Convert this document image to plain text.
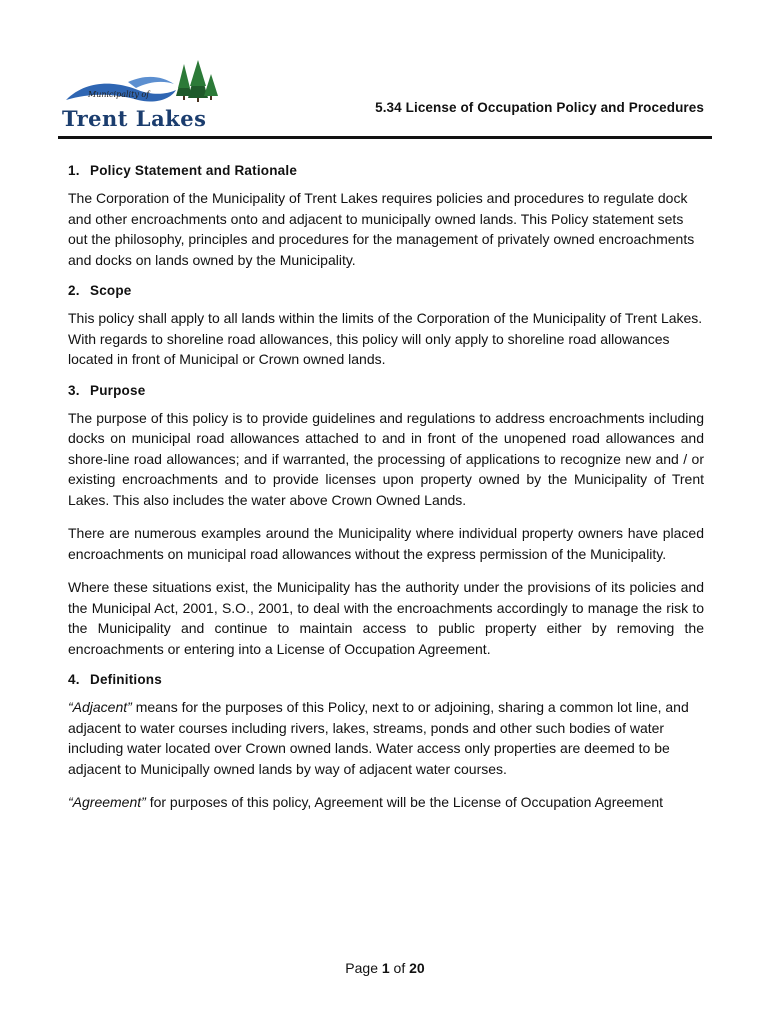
Municipality of
Trent Lakes	5.34 License of Occupation Policy and Procedures
1. Policy Statement and Rationale

The Corporation of the Municipality of Trent Lakes requires policies and procedures to regulate dock and other encroachments onto and adjacent to municipally owned lands. This Policy statement sets out the philosophy, principles and procedures for the management of privately owned encroachments and docks on lands owned by the Municipality.

2. Scope

This policy shall apply to all lands within the limits of the Corporation of the Municipality of Trent Lakes. With regards to shoreline road allowances, this policy will only apply to shoreline road allowances located in front of Municipal or Crown owned lands.

3. Purpose

The purpose of this policy is to provide guidelines and regulations to address encroachments including docks on municipal road allowances attached to and in front of the unopened road allowances and shore-line road allowances; and if warranted, the processing of applications to recognize new and / or existing encroachments and to provide licenses upon property owned by the Municipality of Trent Lakes. This also includes the water above Crown Owned Lands.

There are numerous examples around the Municipality where individual property owners have placed encroachments on municipal road allowances without the express permission of the Municipality.

Where these situations exist, the Municipality has the authority under the provisions of its policies and the Municipal Act, 2001, S.O., 2001, to deal with the encroachments accordingly to manage the risk to the Municipality and continue to maintain access to public property either by removing the encroachments or entering into a License of Occupation Agreement.

4. Definitions

“Adjacent” means for the purposes of this Policy, next to or adjoining, sharing a common lot line, and adjacent to water courses including rivers, lakes, streams, ponds and other such bodies of water including water located over Crown owned lands. Water access only properties are deemed to be adjacent to Municipally owned lands by way of adjacent water courses.

“Agreement” for purposes of this policy, Agreement will be the License of Occupation Agreement

Page 1 of 20
